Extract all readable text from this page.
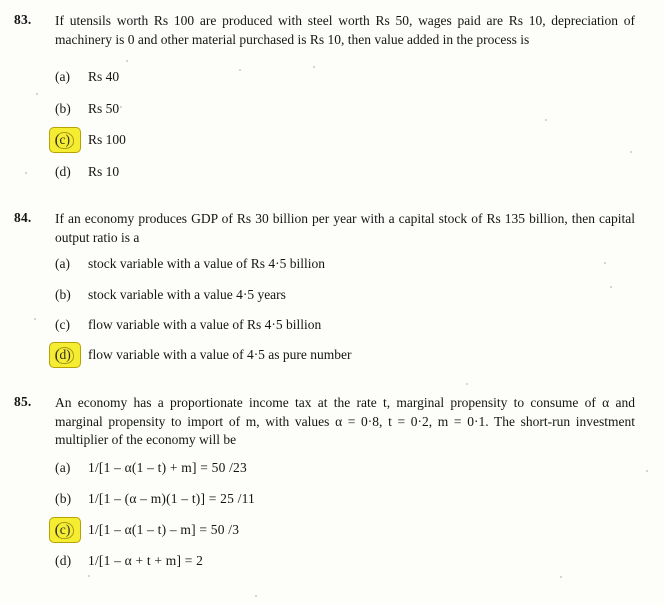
83.	If utensils worth Rs 100 are produced with steel worth Rs 50, wages paid are Rs 10, depreciation of machinery is 0 and other material purchased is Rs 10, then value added in the process is
(a)	Rs 40
(b)	Rs 50
(c)	Rs 100
(d)	Rs 10
84.	If an economy produces GDP of Rs 30 billion per year with a capital stock of Rs 135 billion, then capital output ratio is a
(a)	stock variable with a value of Rs 4·5 billion
(b)	stock variable with a value 4·5 years
(c)	flow variable with a value of Rs 4·5 billion
(d)	flow variable with a value of 4·5 as pure number
85.	An economy has a proportionate income tax at the rate t, marginal propensity to consume of α and marginal propensity to import of m, with values α = 0·8, t = 0·2, m = 0·1. The short-run investment multiplier of the economy will be
(a)	1/[1 – α(1 – t) + m] = 50 /23
(b)	1/[1 – (α – m)(1 – t)] = 25 /11
(c)	1/[1 – α(1 – t) – m] = 50 /3
(d)	1/[1 – α + t + m] = 2
